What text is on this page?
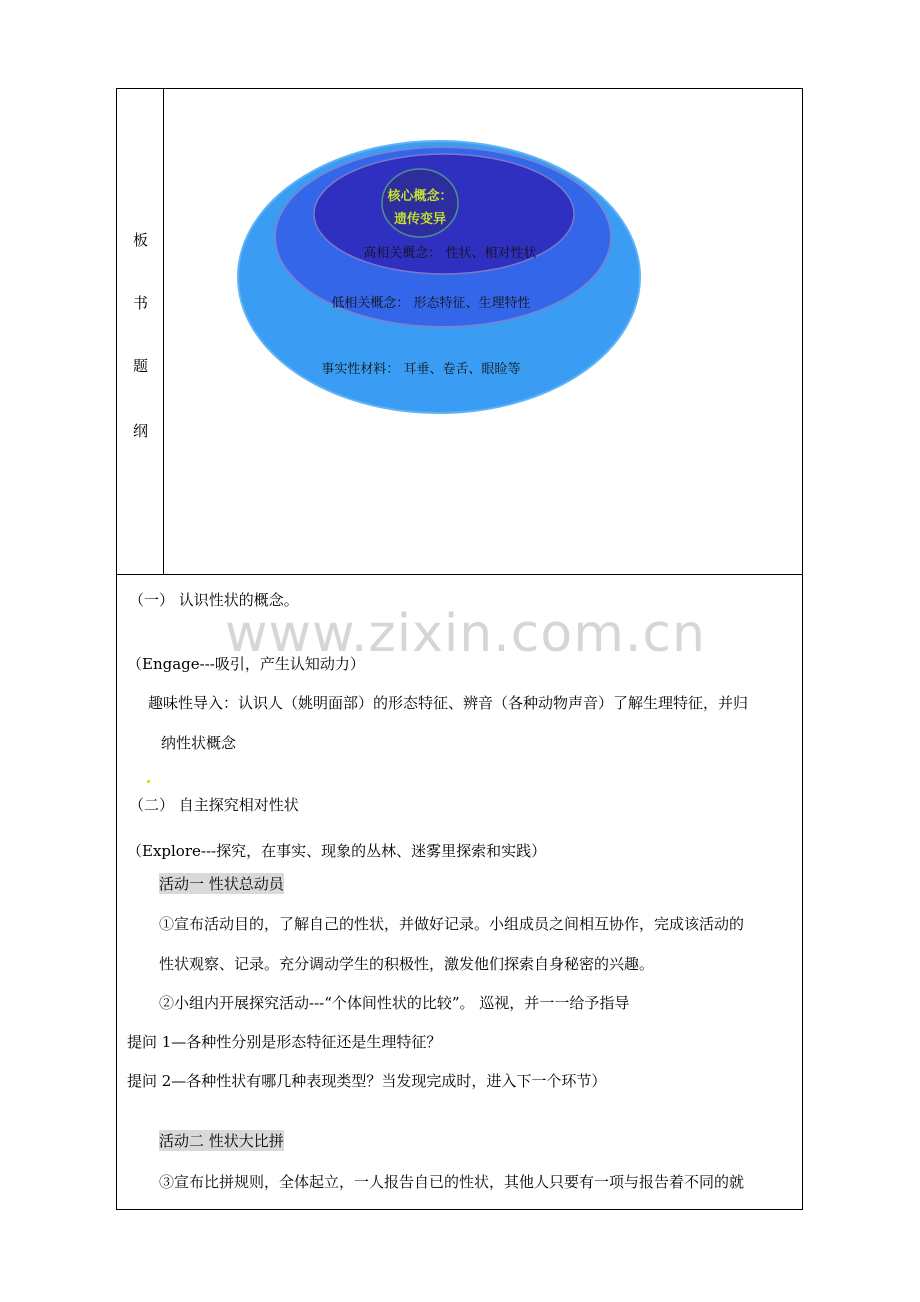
板
书
题
纲
核心概念：
遗传变异
高相关概念： 性状、相对性状
低相关概念： 形态特征、生理特性
事实性材料： 耳垂、卷舌、眼睑等
（一） 认识性状的概念。
（Engage---吸引，产生认知动力）
趣味性导入：认识人（姚明面部）的形态特征、辨音（各种动物声音）了解生理特征，并归
纳性状概念
（二） 自主探究相对性状
（Explore---探究，在事实、现象的丛林、迷雾里探索和实践）
活动一 性状总动员
①宣布活动目的，了解自己的性状，并做好记录。小组成员之间相互协作，完成该活动的
性状观察、记录。充分调动学生的积极性，激发他们探索自身秘密的兴趣。
②小组内开展探究活动---“个体间性状的比较”。 巡视，并一一给予指导
提问 1—各种性分别是形态特征还是生理特征？
提问 2—各种性状有哪几种表现类型？当发现完成时，进入下一个环节）
活动二 性状大比拼
③宣布比拼规则，全体起立，一人报告自已的性状，其他人只要有一项与报告着不同的就
www.zixin.com.cn
